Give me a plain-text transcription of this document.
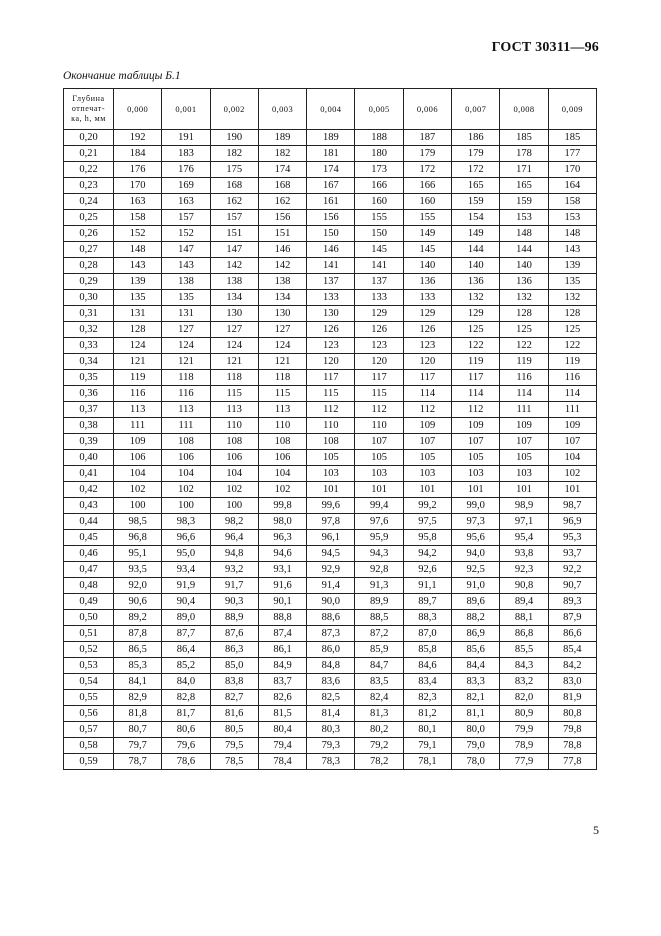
ГОСТ 30311—96
Окончание таблицы Б.1
Глубина
отпечат-
ка, h, мм	0,000	0,001	0,002	0,003	0,004	0,005	0,006	0,007	0,008	0,009
0,20	192	191	190	189	189	188	187	186	185	185
0,21	184	183	182	182	181	180	179	179	178	177
0,22	176	176	175	174	174	173	172	172	171	170
0,23	170	169	168	168	167	166	166	165	165	164
0,24	163	163	162	162	161	160	160	159	159	158
0,25	158	157	157	156	156	155	155	154	153	153
0,26	152	152	151	151	150	150	149	149	148	148
0,27	148	147	147	146	146	145	145	144	144	143
0,28	143	143	142	142	141	141	140	140	140	139
0,29	139	138	138	138	137	137	136	136	136	135
0,30	135	135	134	134	133	133	133	132	132	132
0,31	131	131	130	130	130	129	129	129	128	128
0,32	128	127	127	127	126	126	126	125	125	125
0,33	124	124	124	124	123	123	123	122	122	122
0,34	121	121	121	121	120	120	120	119	119	119
0,35	119	118	118	118	117	117	117	117	116	116
0,36	116	116	115	115	115	115	114	114	114	114
0,37	113	113	113	113	112	112	112	112	111	111
0,38	111	111	110	110	110	110	109	109	109	109
0,39	109	108	108	108	108	107	107	107	107	107
0,40	106	106	106	106	105	105	105	105	105	104
0,41	104	104	104	104	103	103	103	103	103	102
0,42	102	102	102	102	101	101	101	101	101	101
0,43	100	100	100	99,8	99,6	99,4	99,2	99,0	98,9	98,7
0,44	98,5	98,3	98,2	98,0	97,8	97,6	97,5	97,3	97,1	96,9
0,45	96,8	96,6	96,4	96,3	96,1	95,9	95,8	95,6	95,4	95,3
0,46	95,1	95,0	94,8	94,6	94,5	94,3	94,2	94,0	93,8	93,7
0,47	93,5	93,4	93,2	93,1	92,9	92,8	92,6	92,5	92,3	92,2
0,48	92,0	91,9	91,7	91,6	91,4	91,3	91,1	91,0	90,8	90,7
0,49	90,6	90,4	90,3	90,1	90,0	89,9	89,7	89,6	89,4	89,3
0,50	89,2	89,0	88,9	88,8	88,6	88,5	88,3	88,2	88,1	87,9
0,51	87,8	87,7	87,6	87,4	87,3	87,2	87,0	86,9	86,8	86,6
0,52	86,5	86,4	86,3	86,1	86,0	85,9	85,8	85,6	85,5	85,4
0,53	85,3	85,2	85,0	84,9	84,8	84,7	84,6	84,4	84,3	84,2
0,54	84,1	84,0	83,8	83,7	83,6	83,5	83,4	83,3	83,2	83,0
0,55	82,9	82,8	82,7	82,6	82,5	82,4	82,3	82,1	82,0	81,9
0,56	81,8	81,7	81,6	81,5	81,4	81,3	81,2	81,1	80,9	80,8
0,57	80,7	80,6	80,5	80,4	80,3	80,2	80,1	80,0	79,9	79,8
0,58	79,7	79,6	79,5	79,4	79,3	79,2	79,1	79,0	78,9	78,8
0,59	78,7	78,6	78,5	78,4	78,3	78,2	78,1	78,0	77,9	77,8
5
